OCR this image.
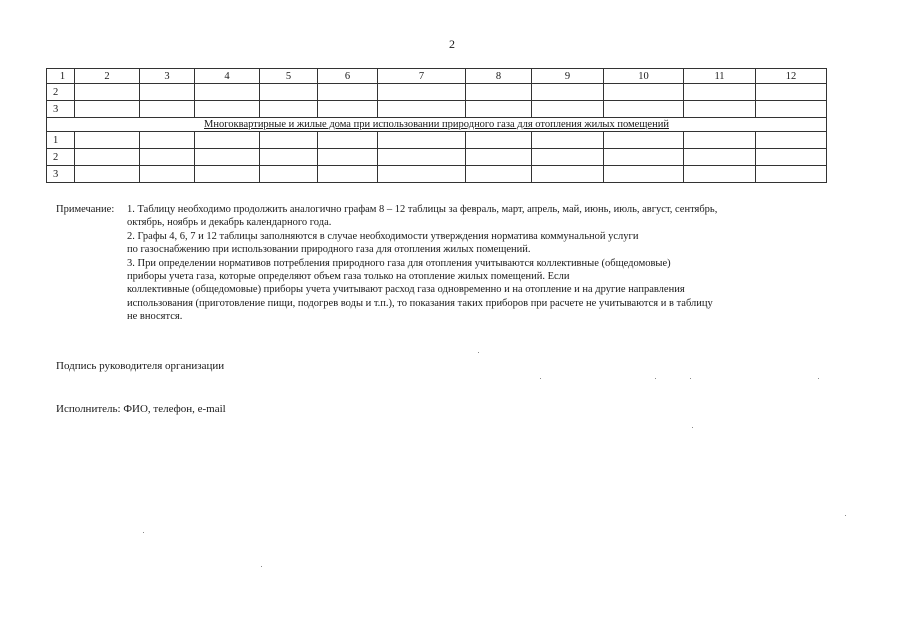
2
1	2	3	4	5	6	7	8	9	10	11	12
2											
3											
Многоквартирные и жилые дома при использовании природного газа для отопления жилых помещений											
1											
2											
3											
Примечание: 1. Таблицу необходимо продолжить аналогично графам 8 – 12 таблицы за февраль, март, апрель, май, июнь, июль, август, сентябрь,
октябрь, ноябрь и декабрь календарного года.
2. Графы 4, 6, 7 и 12 таблицы заполняются в случае необходимости утверждения норматива коммунальной услуги
по газоснабжению при использовании природного газа для отопления жилых помещений.
3. При определении нормативов потребления природного газа для отопления учитываются коллективные (общедомовые)
приборы учета газа, которые определяют объем газа только на отопление жилых помещений. Если
коллективные (общедомовые) приборы учета учитывают расход газа одновременно и на отопление и на другие направления
использования (приготовление пищи, подогрев воды и т.п.), то показания таких приборов при расчете не учитываются и в таблицу
не вносятся.
Подпись руководителя организации
Исполнитель: ФИО, телефон, e-mail
